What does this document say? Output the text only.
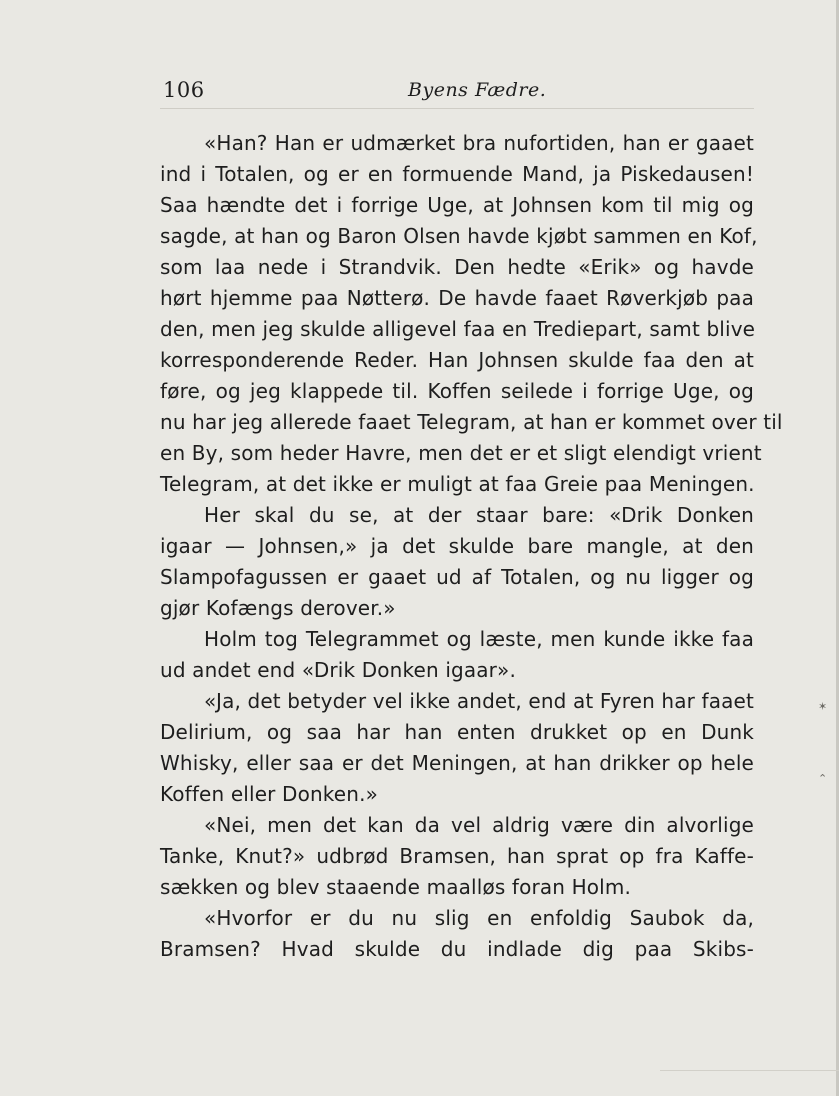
106	Byens Fædre.
«Han? Han er udmærket bra nufortiden, han er gaaet
ind i Totalen, og er en formuende Mand, ja Piskedausen!
Saa hændte det i forrige Uge, at Johnsen kom til mig og
sagde, at han og Baron Olsen havde kjøbt sammen en Kof,
som laa nede i Strandvik. Den hedte «Erik» og havde
hørt hjemme paa Nøtterø. De havde faaet Røverkjøb paa
den, men jeg skulde alligevel faa en Trediepart, samt blive
korresponderende Reder. Han Johnsen skulde faa den at
føre, og jeg klappede til. Koffen seilede i forrige Uge, og
nu har jeg allerede faaet Telegram, at han er kommet over til
en By, som heder Havre, men det er et sligt elendigt vrient
Telegram, at det ikke er muligt at faa Greie paa Meningen.
Her skal du se, at der staar bare: «Drik Donken
igaar — Johnsen,» ja det skulde bare mangle, at den
Slampofagussen er gaaet ud af Totalen, og nu ligger og
gjør Kofængs derover.»
Holm tog Telegrammet og læste, men kunde ikke faa
ud andet end «Drik Donken igaar».
«Ja, det betyder vel ikke andet, end at Fyren har faaet
Delirium, og saa har han enten drukket op en Dunk
Whisky, eller saa er det Meningen, at han drikker op hele
Koffen eller Donken.»
«Nei, men det kan da vel aldrig være din alvorlige
Tanke, Knut?» udbrød Bramsen, han sprat op fra Kaffe-
sækken og blev staaende maalløs foran Holm.
«Hvorfor er du nu slig en enfoldig Saubok da,
Bramsen? Hvad skulde du indlade dig paa Skibs-
✶
⌃
